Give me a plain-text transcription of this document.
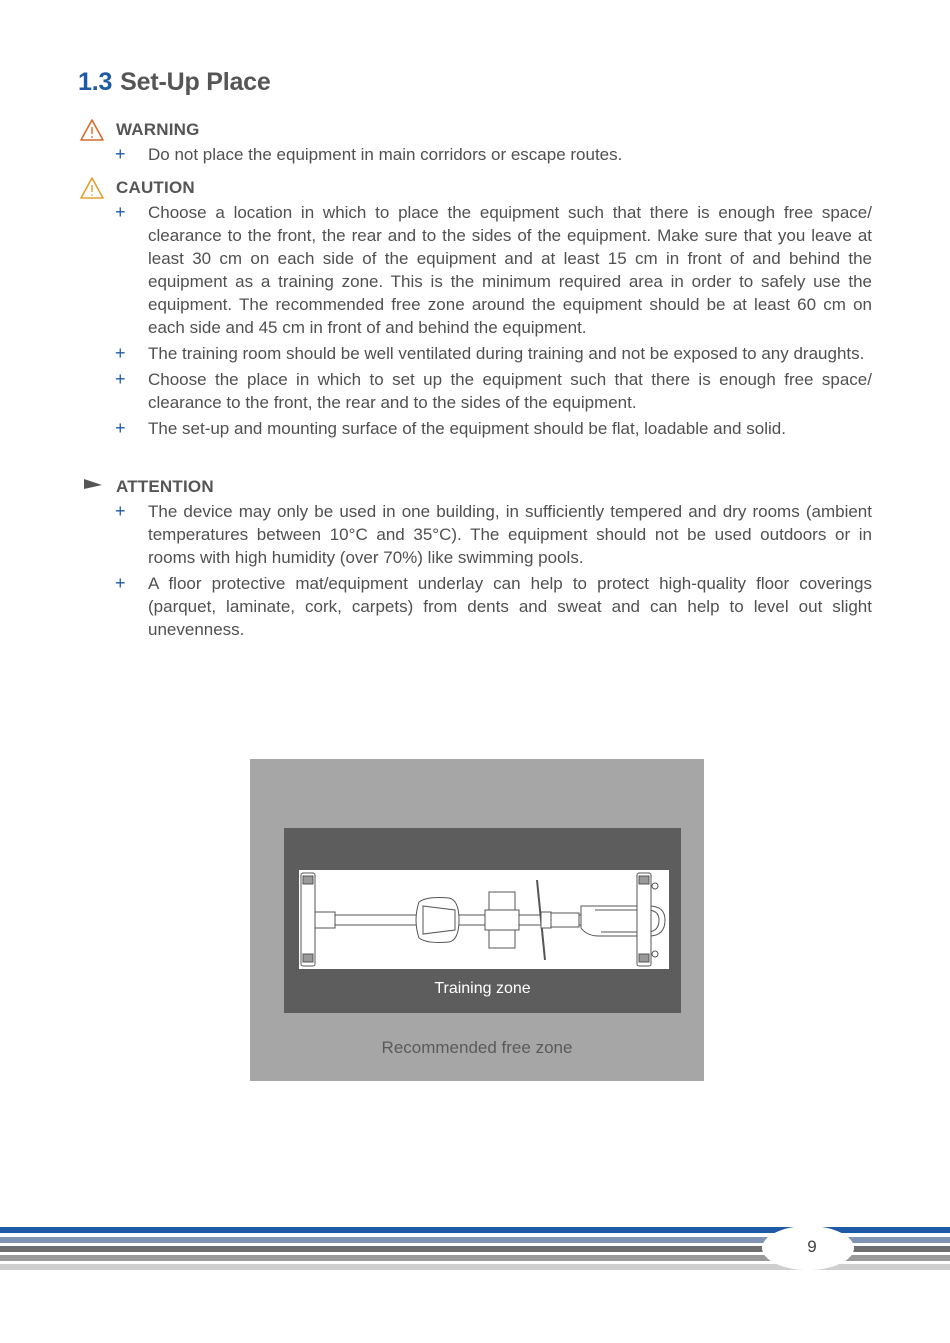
1.3 Set-Up Place
WARNING
+ Do not place the equipment in main corridors or escape routes.
CAUTION
+ Choose a location in which to place the equipment such that there is enough free space/ clearance to the front, the rear and to the sides of the equipment. Make sure that you leave at least 30 cm on each side of the equipment and at least 15 cm in front of and behind the equipment as a training zone. This is the minimum required area in order to safely use the equipment. The recommended free zone around the equipment should be at least 60 cm on each side and 45 cm in front of and behind the equipment.
+ The training room should be well ventilated during training and not be exposed to any draughts.
+ Choose the place in which to set up the equipment such that there is enough free space/ clearance to the front, the rear and to the sides of the equipment.
+ The set-up and mounting surface of the equipment should be flat, loadable and solid.
ATTENTION
+ The device may only be used in one building, in sufficiently tempered and dry rooms (ambient temperatures between 10°C and 35°C). The equipment should not be used outdoors or in rooms with high humidity (over 70%) like swimming pools.
+ A floor protective mat/equipment underlay can help to protect high-quality floor coverings (parquet, laminate, cork, carpets) from dents and sweat and can help to level out slight unevenness.
Training zone
Recommended free zone
9
